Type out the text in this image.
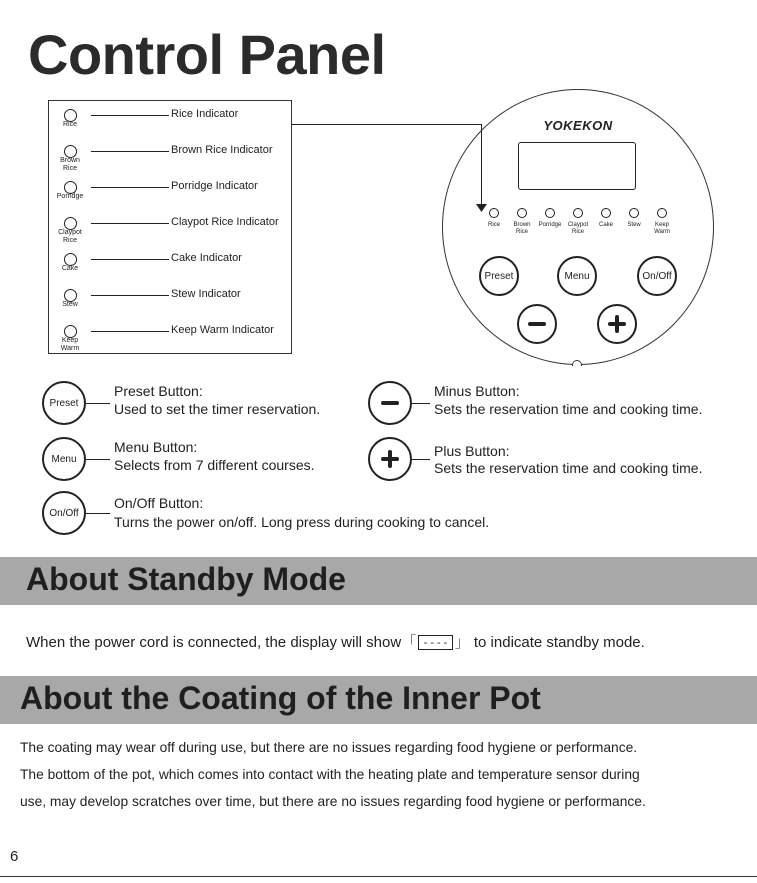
Control Panel
Rice
Rice Indicator
Brown
Rice
Brown Rice Indicator
Porridge
Porridge Indicator
Claypot
Rice
Claypot Rice Indicator
Cake
Cake Indicator
Stew
Stew Indicator
Keep
Warm
Keep Warm Indicator
YOKEKON
Rice	Brown
Rice
Porridge	Claypot
Rice
Cake	Stew	Keep
Warm
Preset	Menu	On/Off
Preset
Preset Button:
Used to set the timer reservation.
Menu
Menu Button:
Selects from 7 different courses.
On/Off
On/Off Button:
Turns the power on/off. Long press during cooking to cancel.
Minus Button:
Sets the reservation time and cooking time.
Plus Button:
Sets the reservation time and cooking time.
About Standby Mode
When the power cord is connected, the display will show「 ---- 」 to indicate standby mode.
About the Coating of the Inner Pot
The coating may wear off during use, but there are no issues regarding food hygiene or performance.
The bottom of the pot, which comes into contact with the heating plate and temperature sensor during
use, may develop scratches over time, but there are no issues regarding food hygiene or performance.
6
